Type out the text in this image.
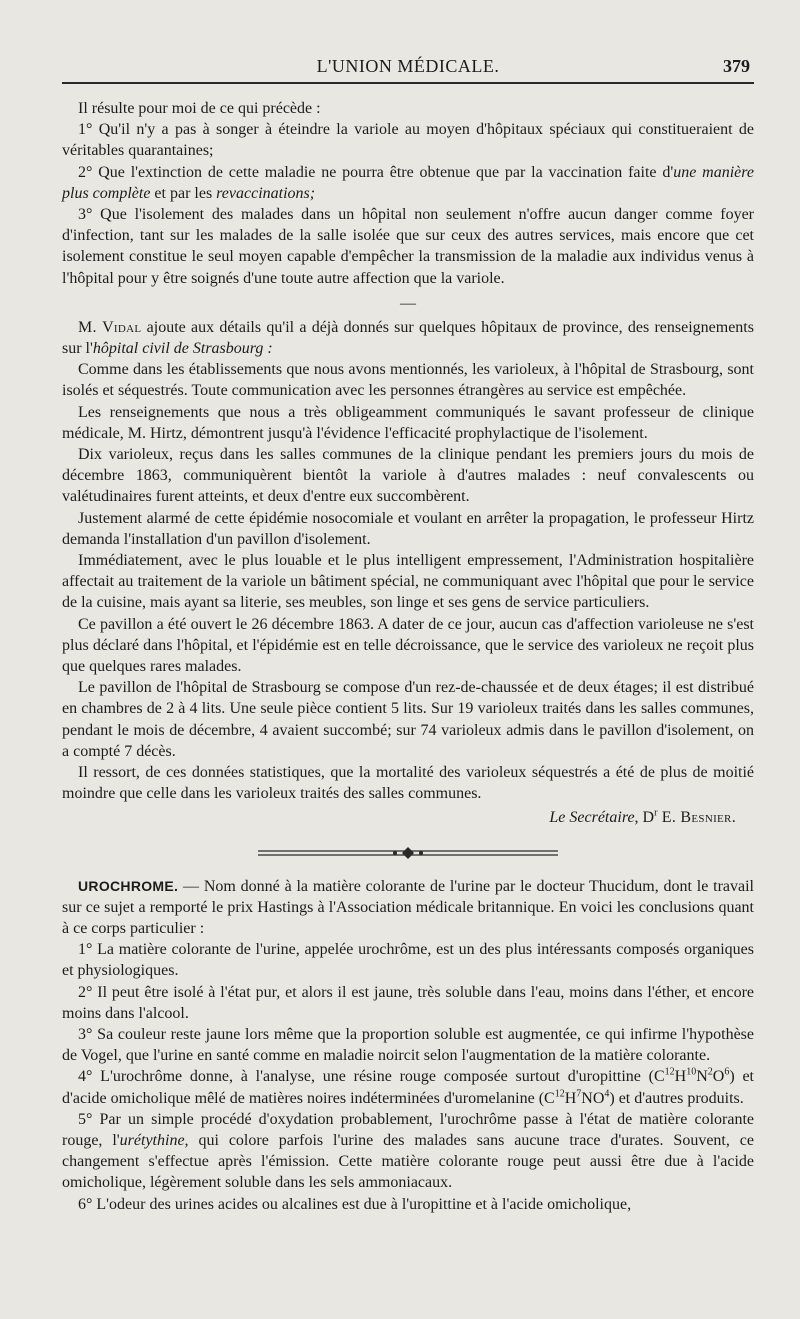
L'UNION MÉDICALE.	379

Il résulte pour moi de ce qui précède :

1° Qu'il n'y a pas à songer à éteindre la variole au moyen d'hôpitaux spéciaux qui constitueraient de véritables quarantaines;

2° Que l'extinction de cette maladie ne pourra être obtenue que par la vaccination faite d'une manière plus complète et par les revaccinations;

3° Que l'isolement des malades dans un hôpital non seulement n'offre aucun danger comme foyer d'infection, tant sur les malades de la salle isolée que sur ceux des autres services, mais encore que cet isolement constitue le seul moyen capable d'empêcher la transmission de la maladie aux individus venus à l'hôpital pour y être soignés d'une toute autre affection que la variole.

—

M. Vidal ajoute aux détails qu'il a déjà donnés sur quelques hôpitaux de province, des renseignements sur l'hôpital civil de Strasbourg :

Comme dans les établissements que nous avons mentionnés, les varioleux, à l'hôpital de Strasbourg, sont isolés et séquestrés. Toute communication avec les personnes étrangères au service est empêchée.

Les renseignements que nous a très obligeamment communiqués le savant professeur de clinique médicale, M. Hirtz, démontrent jusqu'à l'évidence l'efficacité prophylactique de l'isolement.

Dix varioleux, reçus dans les salles communes de la clinique pendant les premiers jours du mois de décembre 1863, communiquèrent bientôt la variole à d'autres malades : neuf convalescents ou valétudinaires furent atteints, et deux d'entre eux succombèrent.

Justement alarmé de cette épidémie nosocomiale et voulant en arrêter la propagation, le professeur Hirtz demanda l'installation d'un pavillon d'isolement.

Immédiatement, avec le plus louable et le plus intelligent empressement, l'Administration hospitalière affectait au traitement de la variole un bâtiment spécial, ne communiquant avec l'hôpital que pour le service de la cuisine, mais ayant sa literie, ses meubles, son linge et ses gens de service particuliers.

Ce pavillon a été ouvert le 26 décembre 1863. A dater de ce jour, aucun cas d'affection varioleuse ne s'est plus déclaré dans l'hôpital, et l'épidémie est en telle décroissance, que le service des varioleux ne reçoit plus que quelques rares malades.

Le pavillon de l'hôpital de Strasbourg se compose d'un rez-de-chaussée et de deux étages; il est distribué en chambres de 2 à 4 lits. Une seule pièce contient 5 lits. Sur 19 varioleux traités dans les salles communes, pendant le mois de décembre, 4 avaient succombé; sur 74 varioleux admis dans le pavillon d'isolement, on a compté 7 décès.

Il ressort, de ces données statistiques, que la mortalité des varioleux séquestrés a été de plus de moitié moindre que celle dans les varioleux traités des salles communes.

Le Secrétaire, $D^r$ E. Besnier.

UROCHROME. — Nom donné à la matière colorante de l'urine par le docteur Thucidum, dont le travail sur ce sujet a remporté le prix Hastings à l'Association médicale britannique. En voici les conclusions quant à ce corps particulier :

1° La matière colorante de l'urine, appelée urochrôme, est un des plus intéressants composés organiques et physiologiques.

2° Il peut être isolé à l'état pur, et alors il est jaune, très soluble dans l'eau, moins dans l'éther, et encore moins dans l'alcool.

3° Sa couleur reste jaune lors même que la proportion soluble est augmentée, ce qui infirme l'hypothèse de Vogel, que l'urine en santé comme en maladie noircit selon l'augmentation de la matière colorante.

4° L'urochrôme donne, à l'analyse, une résine rouge composée surtout d'uropittine $(C^{12}H^{10}N^2O^6)$ et d'acide omicholique mêlé de matières noires indéterminées d'uromelanine $(C^{12}H^7NO^4)$ et d'autres produits.

5° Par un simple procédé d'oxydation probablement, l'urochrôme passe à l'état de matière colorante rouge, l'urétythine, qui colore parfois l'urine des malades sans aucune trace d'urates. Souvent, ce changement s'effectue après l'émission. Cette matière colorante rouge peut aussi être due à l'acide omicholique, légèrement soluble dans les sels ammoniacaux.

6° L'odeur des urines acides ou alcalines est due à l'uropittine et à l'acide omicholique,
